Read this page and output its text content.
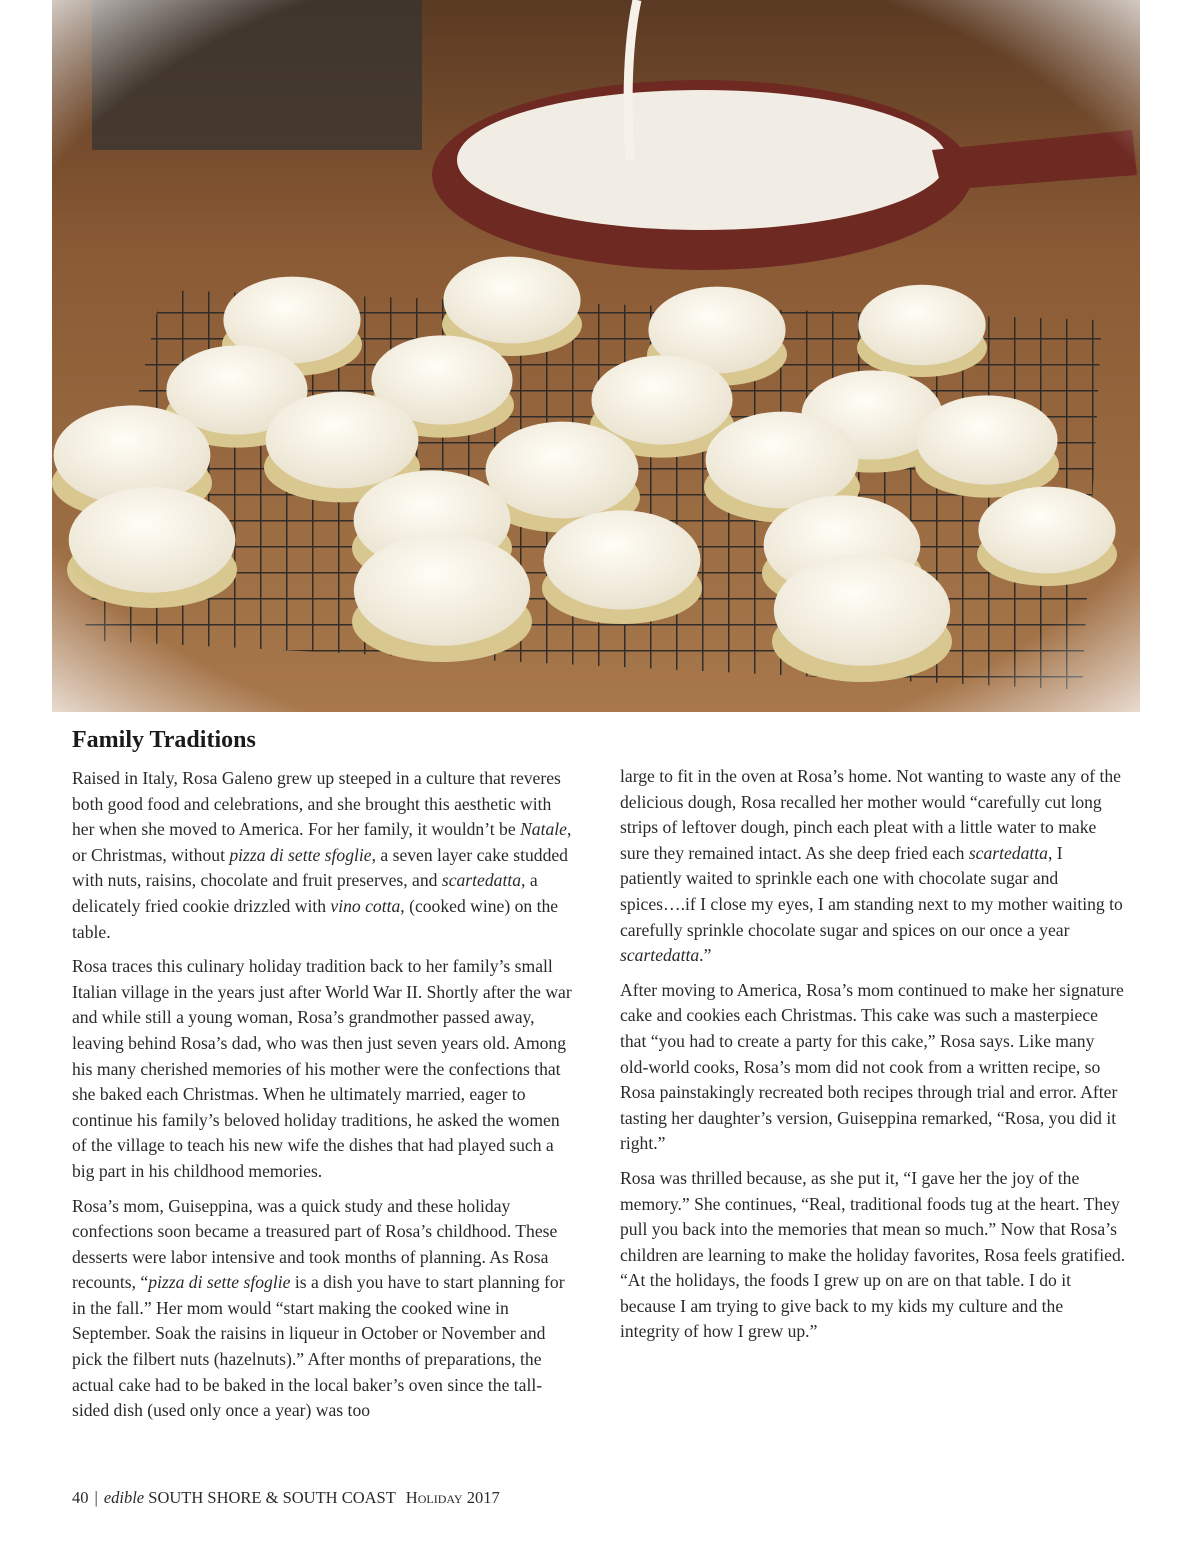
Family Traditions

Raised in Italy, Rosa Galeno grew up steeped in a culture that reveres both good food and celebrations, and she brought this aesthetic with her when she moved to America. For her family, it wouldn’t be Natale, or Christmas, without pizza di sette sfoglie, a seven layer cake studded with nuts, raisins, chocolate and fruit preserves, and scartedatta, a delicately fried cookie drizzled with vino cotta, (cooked wine) on the table.

Rosa traces this culinary holiday tradition back to her family’s small Italian village in the years just after World War II. Shortly after the war and while still a young woman, Rosa’s grandmother passed away, leaving behind Rosa’s dad, who was then just seven years old. Among his many cherished memories of his mother were the confections that she baked each Christmas. When he ultimately married, eager to continue his family’s beloved holiday traditions, he asked the women of the village to teach his new wife the dishes that had played such a big part in his childhood memories.

Rosa’s mom, Guiseppina, was a quick study and these holiday confections soon became a treasured part of Rosa’s childhood. These desserts were labor intensive and took months of planning. As Rosa recounts, “pizza di sette sfoglie is a dish you have to start planning for in the fall.” Her mom would “start making the cooked wine in September. Soak the raisins in liqueur in October or November and pick the filbert nuts (hazelnuts).” After months of preparations, the actual cake had to be baked in the local baker’s oven since the tall-sided dish (used only once a year) was too

large to fit in the oven at Rosa’s home. Not wanting to waste any of the delicious dough, Rosa recalled her mother would “carefully cut long strips of leftover dough, pinch each pleat with a little water to make sure they remained intact. As she deep fried each scartedatta, I patiently waited to sprinkle each one with chocolate sugar and spices….if I close my eyes, I am standing next to my mother waiting to carefully sprinkle chocolate sugar and spices on our once a year scartedatta.”

After moving to America, Rosa’s mom continued to make her signature cake and cookies each Christmas. This cake was such a masterpiece that “you had to create a party for this cake,” Rosa says. Like many old-world cooks, Rosa’s mom did not cook from a written recipe, so Rosa painstakingly recreated both recipes through trial and error. After tasting her daughter’s version, Guiseppina remarked, “Rosa, you did it right.”

Rosa was thrilled because, as she put it, “I gave her the joy of the memory.” She continues, “Real, traditional foods tug at the heart. They pull you back into the memories that mean so much.” Now that Rosa’s children are learning to make the holiday favorites, Rosa feels gratified. “At the holidays, the foods I grew up on are on that table. I do it because I am trying to give back to my kids my culture and the integrity of how I grew up.”

40 | edible SOUTH SHORE & SOUTH COAST Holiday 2017
